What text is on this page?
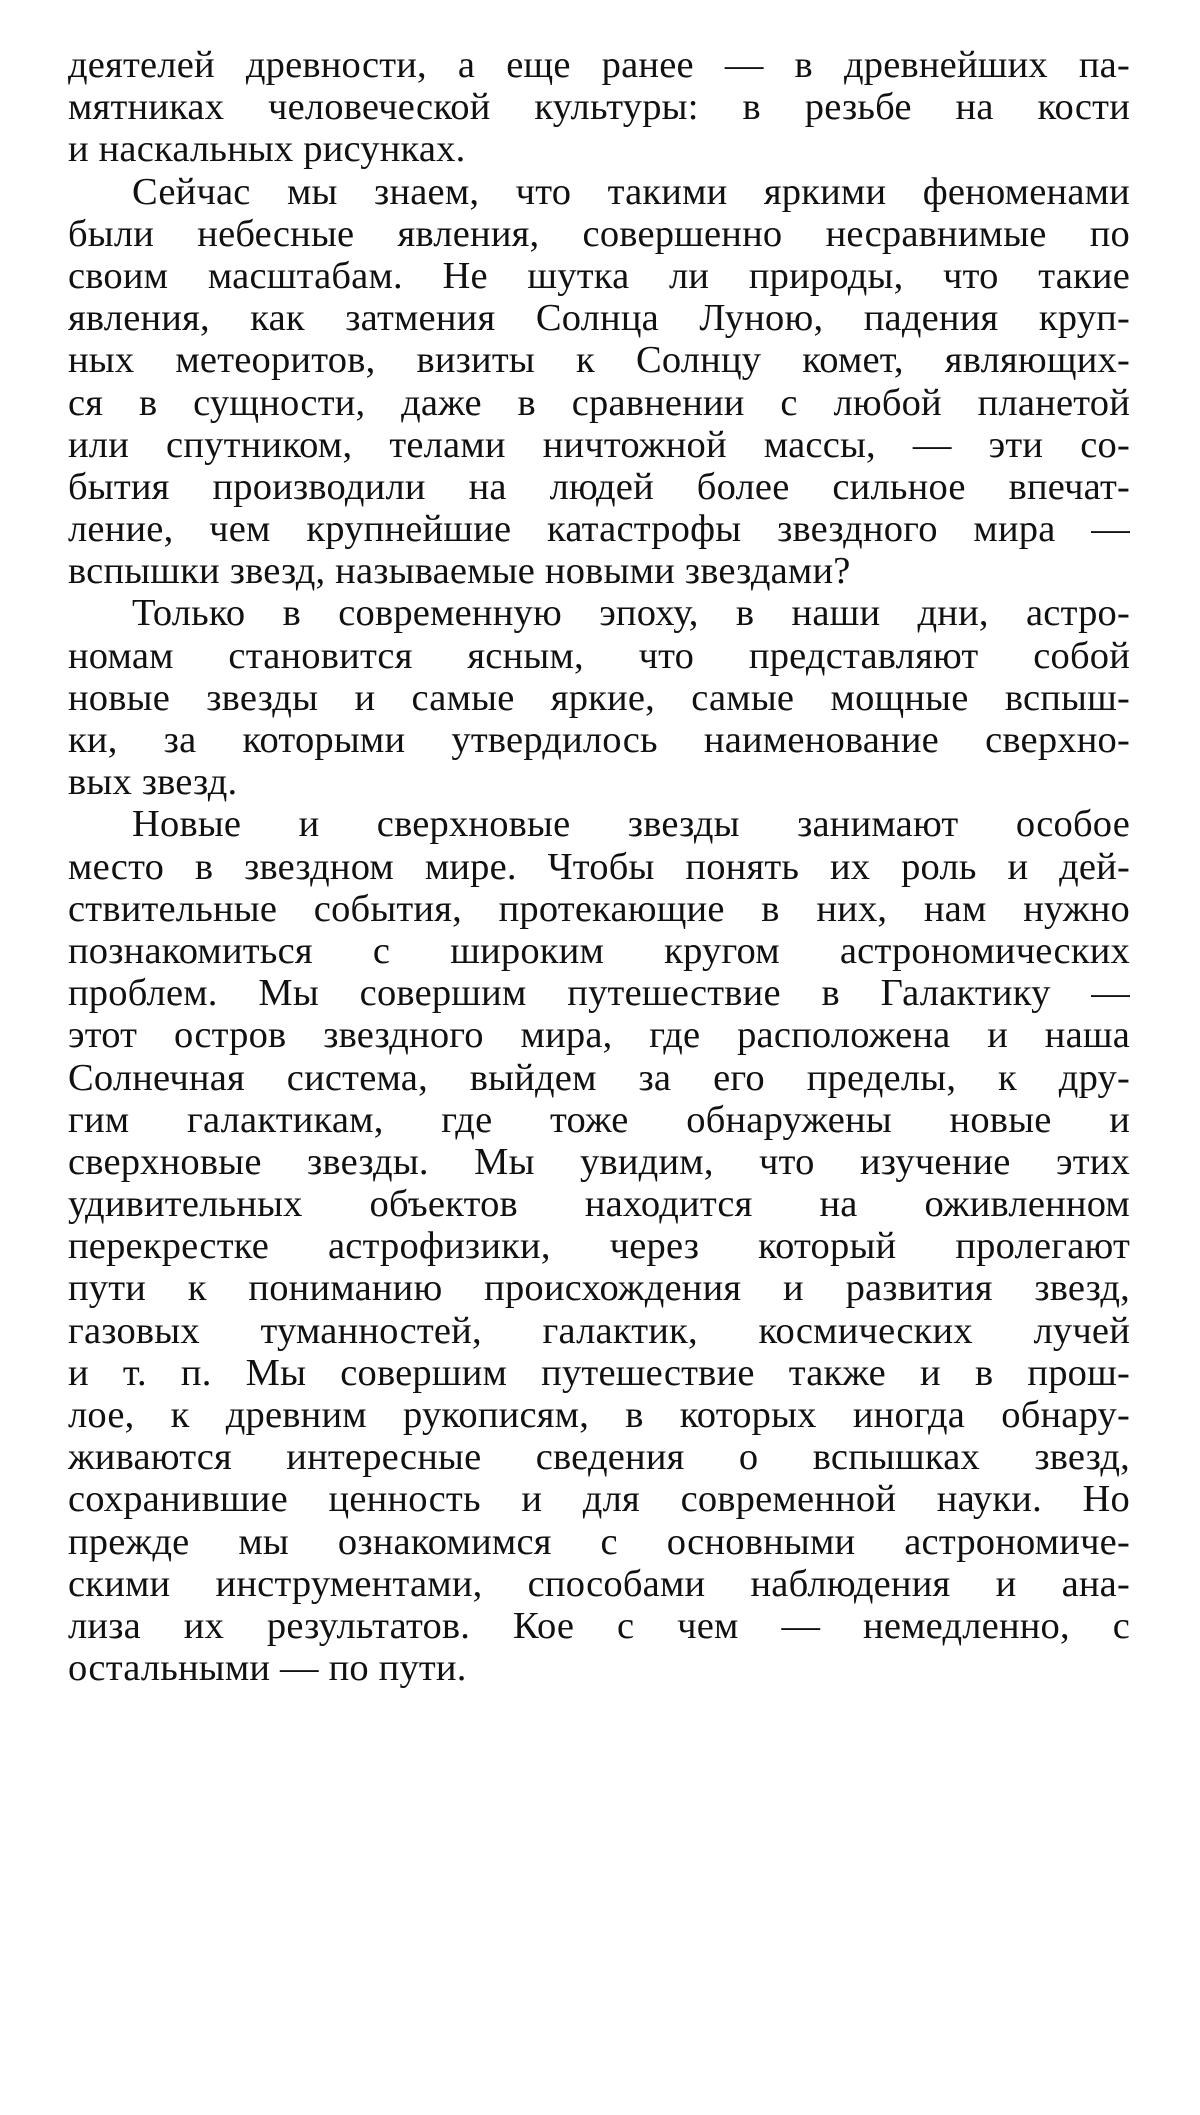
деятелей древности, а еще ранее — в древнейших па-
мятниках человеческой культуры: в резьбе на кости
и наскальных рисунках.
Сейчас мы знаем, что такими яркими феноменами
были небесные явления, совершенно несравнимые по
своим масштабам. Не шутка ли природы, что такие
явления, как затмения Солнца Луною, падения круп-
ных метеоритов, визиты к Солнцу комет, являющих-
ся в сущности, даже в сравнении с любой планетой
или спутником, телами ничтожной массы, — эти со-
бытия производили на людей более сильное впечат-
ление, чем крупнейшие катастрофы звездного мира —
вспышки звезд, называемые новыми звездами?
Только в современную эпоху, в наши дни, астро-
номам становится ясным, что представляют собой
новые звезды и самые яркие, самые мощные вспыш-
ки, за которыми утвердилось наименование сверхно-
вых звезд.
Новые и сверхновые звезды занимают особое
место в звездном мире. Чтобы понять их роль и дей-
ствительные события, протекающие в них, нам нужно
познакомиться с широким кругом астрономических
проблем. Мы совершим путешествие в Галактику —
этот остров звездного мира, где расположена и наша
Солнечная система, выйдем за его пределы, к дру-
гим галактикам, где тоже обнаружены новые и
сверхновые звезды. Мы увидим, что изучение этих
удивительных объектов находится на оживленном
перекрестке астрофизики, через который пролегают
пути к пониманию происхождения и развития звезд,
газовых туманностей, галактик, космических лучей
и т. п. Мы совершим путешествие также и в прош-
лое, к древним рукописям, в которых иногда обнару-
живаются интересные сведения о вспышках звезд,
сохранившие ценность и для современной науки. Но
прежде мы ознакомимся с основными астрономиче-
скими инструментами, способами наблюдения и ана-
лиза их результатов. Кое с чем — немедленно, с
остальными — по пути.
